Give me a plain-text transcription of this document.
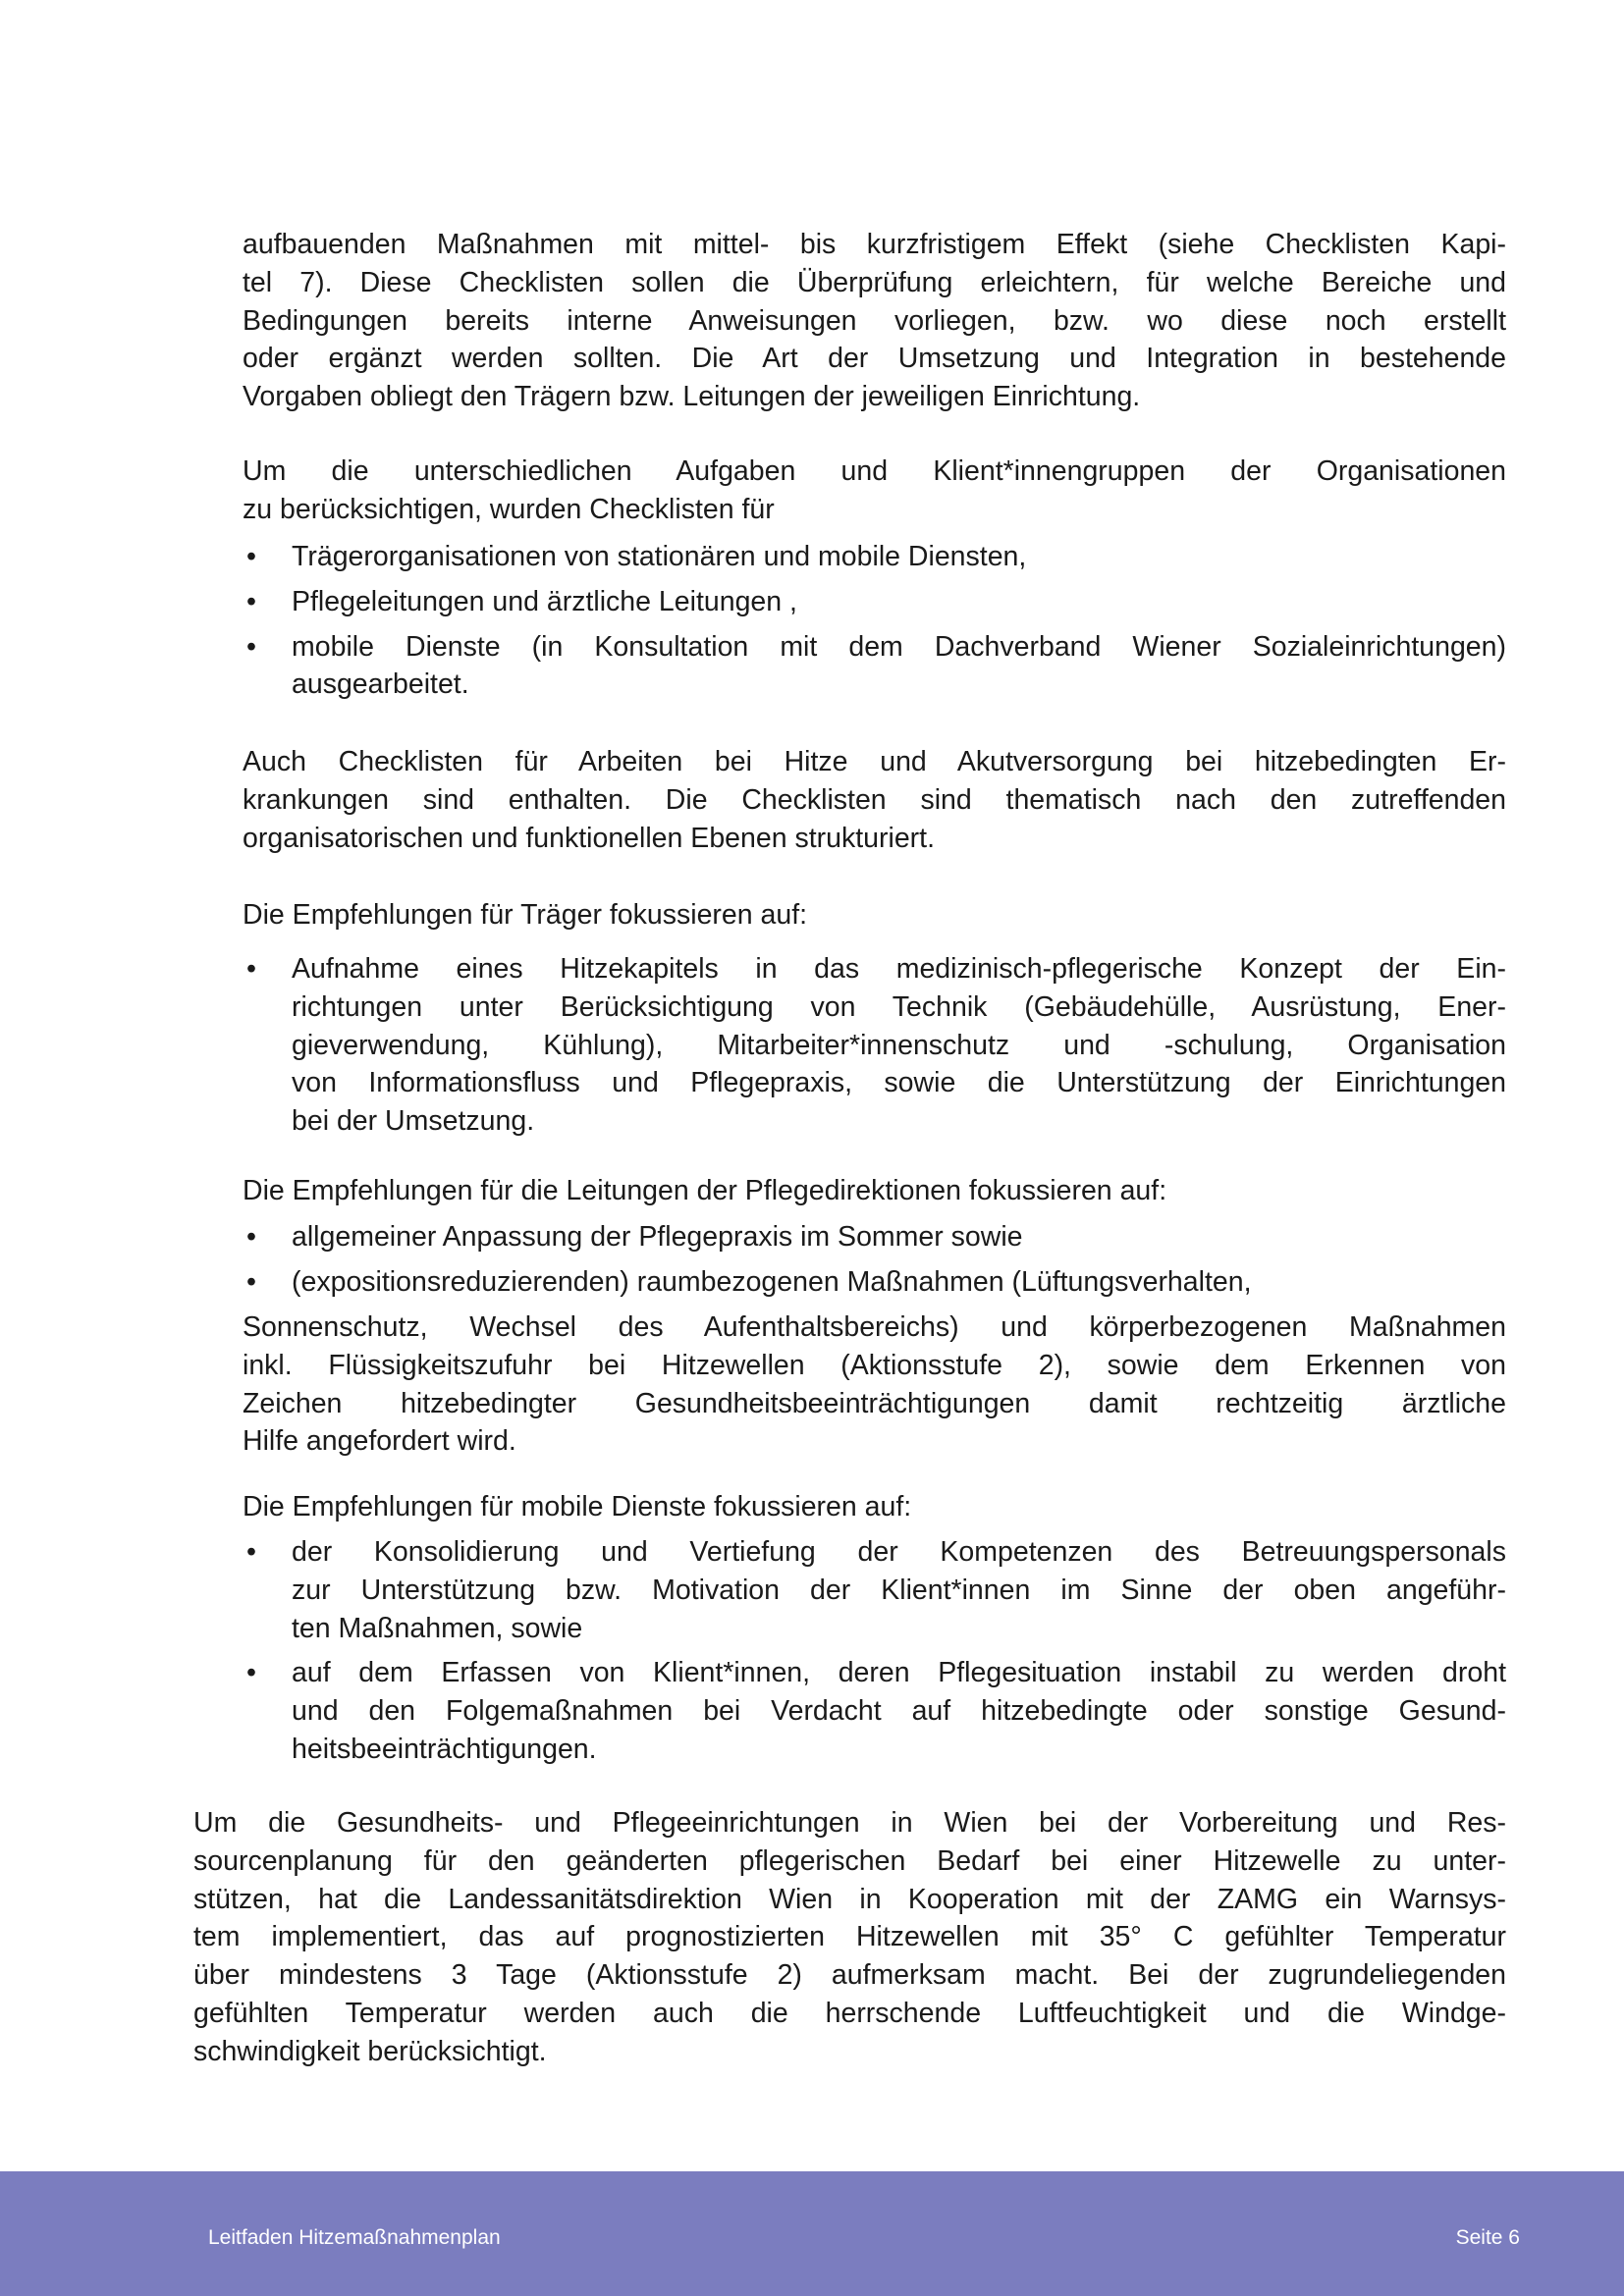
aufbauenden Maßnahmen mit mittel- bis kurzfristigem Effekt (siehe Checklisten Kapi-
tel 7). Diese Checklisten sollen die Überprüfung erleichtern, für welche Bereiche und
Bedingungen bereits interne Anweisungen vorliegen, bzw. wo diese noch erstellt
oder ergänzt werden sollten. Die Art der Umsetzung und Integration in bestehende
Vorgaben obliegt den Trägern bzw. Leitungen der jeweiligen Einrichtung.
Um die unterschiedlichen Aufgaben und Klient*innengruppen der Organisationen
zu berücksichtigen, wurden Checklisten für
• Trägerorganisationen von stationären und mobile Diensten,
• Pflegeleitungen und ärztliche Leitungen ,
• mobile Dienste (in Konsultation mit dem Dachverband Wiener Sozialeinrichtungen)
ausgearbeitet.
Auch Checklisten für Arbeiten bei Hitze und Akutversorgung bei hitzebedingten Er-
krankungen sind enthalten. Die Checklisten sind thematisch nach den zutreffenden
organisatorischen und funktionellen Ebenen strukturiert.
Die Empfehlungen für Träger fokussieren auf:
• Aufnahme eines Hitzekapitels in das medizinisch-pflegerische Konzept der Ein-
richtungen unter Berücksichtigung von Technik (Gebäudehülle, Ausrüstung, Ener-
gieverwendung, Kühlung), Mitarbeiter*innenschutz und -schulung, Organisation
von Informationsfluss und Pflegepraxis, sowie die Unterstützung der Einrichtungen
bei der Umsetzung.
Die Empfehlungen für die Leitungen der Pflegedirektionen fokussieren auf:
• allgemeiner Anpassung der Pflegepraxis im Sommer sowie
• (expositionsreduzierenden) raumbezogenen Maßnahmen (Lüftungsverhalten,
Sonnenschutz, Wechsel des Aufenthaltsbereichs) und körperbezogenen Maßnahmen
inkl. Flüssigkeitszufuhr bei Hitzewellen (Aktionsstufe 2), sowie dem Erkennen von
Zeichen hitzebedingter Gesundheitsbeeinträchtigungen damit rechtzeitig ärztliche
Hilfe angefordert wird.
Die Empfehlungen für mobile Dienste fokussieren auf:
• der Konsolidierung und Vertiefung der Kompetenzen des Betreuungspersonals
zur Unterstützung bzw. Motivation der Klient*innen im Sinne der oben angeführ-
ten Maßnahmen, sowie
• auf dem Erfassen von Klient*innen, deren Pflegesituation instabil zu werden droht
und den Folgemaßnahmen bei Verdacht auf hitzebedingte oder sonstige Gesund-
heitsbeeinträchtigungen.
Um die Gesundheits- und Pflegeeinrichtungen in Wien bei der Vorbereitung und Res-
sourcenplanung für den geänderten pflegerischen Bedarf bei einer Hitzewelle zu unter-
stützen, hat die Landessanitätsdirektion Wien in Kooperation mit der ZAMG ein Warnsys-
tem implementiert, das auf prognostizierten Hitzewellen mit 35° C gefühlter Temperatur
über mindestens 3 Tage (Aktionsstufe 2) aufmerksam macht. Bei der zugrundeliegenden
gefühlten Temperatur werden auch die herrschende Luftfeuchtigkeit und die Windge-
schwindigkeit berücksichtigt.
Leitfaden Hitzemaßnahmenplan	Seite 6
